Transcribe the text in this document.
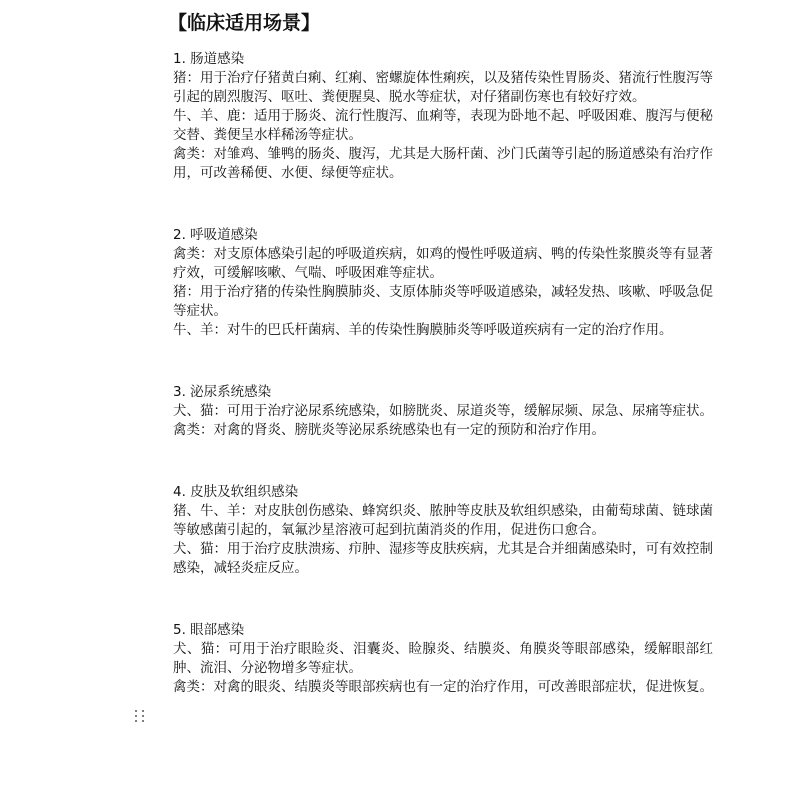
【临床适用场景】

1. 肠道感染

猪：用于治疗仔猪黄白痢、红痢、密螺旋体性痢疾，以及猪传染性胃肠炎、猪流行性腹泻等引起的剧烈腹泻、呕吐、粪便腥臭、脱水等症状，对仔猪副伤寒也有较好疗效。

牛、羊、鹿：适用于肠炎、流行性腹泻、血痢等，表现为卧地不起、呼吸困难、腹泻与便秘交替、粪便呈水样稀汤等症状。

禽类：对雏鸡、雏鸭的肠炎、腹泻，尤其是大肠杆菌、沙门氏菌等引起的肠道感染有治疗作用，可改善稀便、水便、绿便等症状。

2. 呼吸道感染

禽类：对支原体感染引起的呼吸道疾病，如鸡的慢性呼吸道病、鸭的传染性浆膜炎等有显著疗效，可缓解咳嗽、气喘、呼吸困难等症状。

猪：用于治疗猪的传染性胸膜肺炎、支原体肺炎等呼吸道感染，减轻发热、咳嗽、呼吸急促等症状。

牛、羊：对牛的巴氏杆菌病、羊的传染性胸膜肺炎等呼吸道疾病有一定的治疗作用。

3. 泌尿系统感染

犬、猫：可用于治疗泌尿系统感染，如膀胱炎、尿道炎等，缓解尿频、尿急、尿痛等症状。

禽类：对禽的肾炎、膀胱炎等泌尿系统感染也有一定的预防和治疗作用。

4. 皮肤及软组织感染

猪、牛、羊：对皮肤创伤感染、蜂窝织炎、脓肿等皮肤及软组织感染，由葡萄球菌、链球菌等敏感菌引起的，氧氟沙星溶液可起到抗菌消炎的作用，促进伤口愈合。

犬、猫：用于治疗皮肤溃疡、疖肿、湿疹等皮肤疾病，尤其是合并细菌感染时，可有效控制感染，减轻炎症反应。

5. 眼部感染

犬、猫：可用于治疗眼睑炎、泪囊炎、睑腺炎、结膜炎、角膜炎等眼部感染，缓解眼部红肿、流泪、分泌物增多等症状。

禽类：对禽的眼炎、结膜炎等眼部疾病也有一定的治疗作用，可改善眼部症状，促进恢复。
